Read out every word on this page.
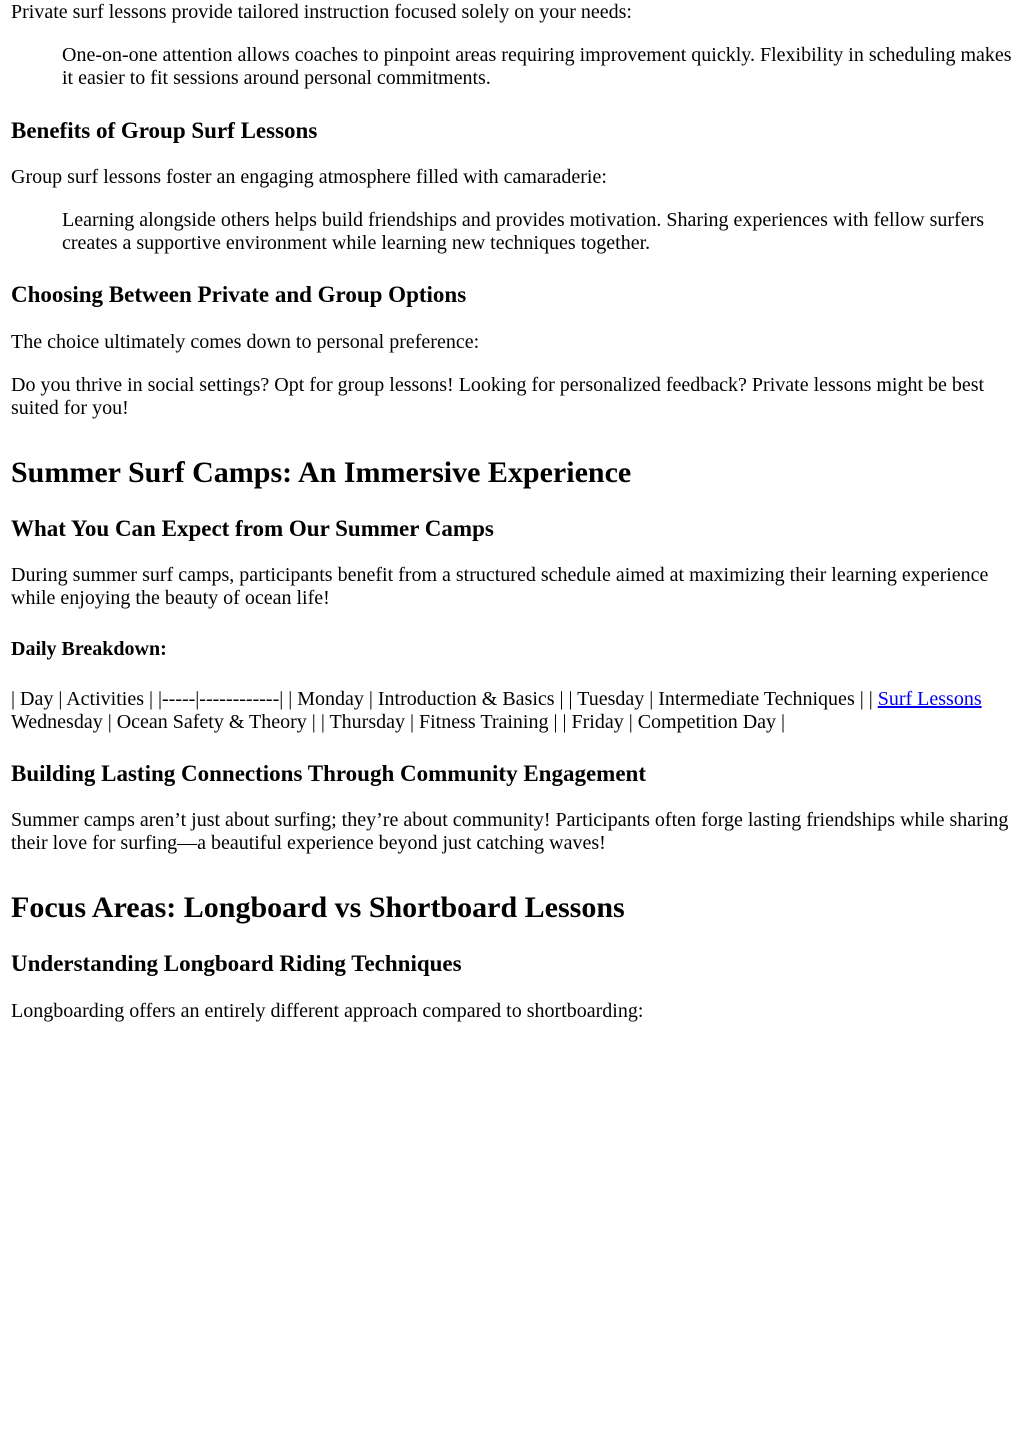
Private surf lessons provide tailored instruction focused solely on your needs:

One-on-one attention allows coaches to pinpoint areas requiring improvement quickly. Flexibility in scheduling makes it easier to fit sessions around personal commitments.

Benefits of Group Surf Lessons

Group surf lessons foster an engaging atmosphere filled with camaraderie:

Learning alongside others helps build friendships and provides motivation. Sharing experiences with fellow surfers creates a supportive environment while learning new techniques together.

Choosing Between Private and Group Options

The choice ultimately comes down to personal preference:

Do you thrive in social settings? Opt for group lessons! Looking for personalized feedback? Private lessons might be best suited for you!

Summer Surf Camps: An Immersive Experience
What You Can Expect from Our Summer Camps

During summer surf camps, participants benefit from a structured schedule aimed at maximizing their learning experience while enjoying the beauty of ocean life!

Daily Breakdown:

| Day | Activities | |-----|------------| | Monday | Introduction & Basics | | Tuesday | Intermediate Techniques | | Surf Lessons Wednesday | Ocean Safety & Theory | | Thursday | Fitness Training | | Friday | Competition Day |

Building Lasting Connections Through Community Engagement

Summer camps aren’t just about surfing; they’re about community! Participants often forge lasting friendships while sharing their love for surfing—a beautiful experience beyond just catching waves!

Focus Areas: Longboard vs Shortboard Lessons
Understanding Longboard Riding Techniques

Longboarding offers an entirely different approach compared to shortboarding:
